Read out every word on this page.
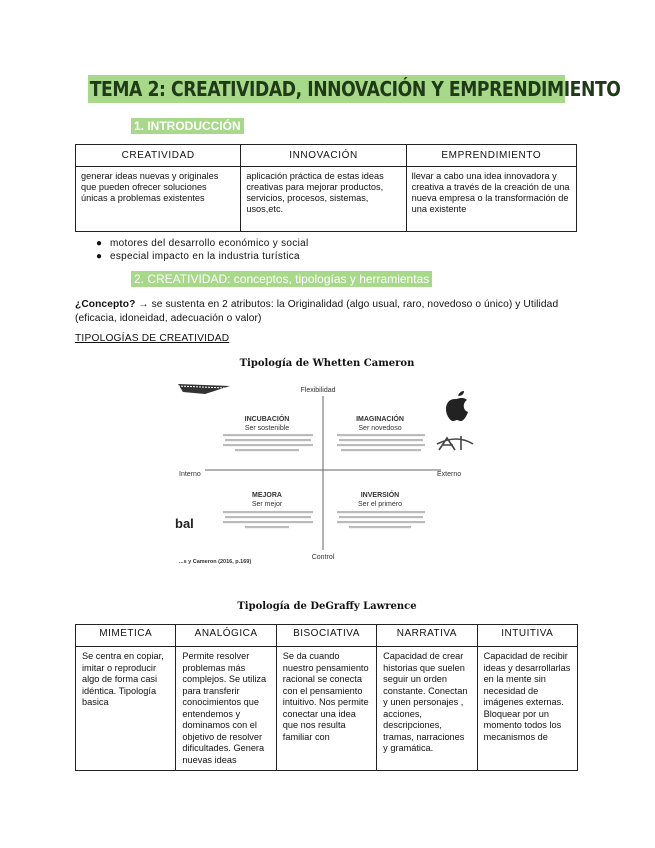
TEMA 2: CREATIVIDAD, INNOVACIÓN Y EMPRENDIMIENTO
1. INTRODUCCIÓN
CREATIVIDAD	INNOVACIÓN	EMPRENDIMIENTO
generar ideas nuevas y originales que pueden ofrecer soluciones únicas a problemas existentes	aplicación práctica de estas ideas creativas para mejorar productos, servicios, procesos, sistemas, usos,etc.	llevar a cabo una idea innovadora y creativa a través de la creación de una nueva empresa o la transformación de una existente
● motores del desarrollo económico y social
● especial impacto en la industria turística
2. CREATIVIDAD: conceptos, tipologías y herramientas
¿Concepto? → se sustenta en 2 atributos: la Originalidad (algo usual, raro, novedoso o único) y Utilidad (eficacia, idoneidad, adecuación o valor)
TIPOLOGÍAS DE CREATIVIDAD
Tipología de Whetten Cameron
Flexibilidad
Control
Interno	Externo
INCUBACIÓN
Ser sostenible
IMAGINACIÓN
Ser novedoso
MEJORA
Ser mejor
INVERSIÓN
Ser el primero
bal
...s y Cameron (2016, p.169)
Tipología de DeGraffy Lawrence
MIMETICA	ANALÓGICA	BISOCIATIVA	NARRATIVA	INTUITIVA
Se centra en copiar, imitar o reproducir algo de forma casi idéntica. Tipología basica	Permite resolver problemas más complejos. Se utiliza para transferir conocimientos que entendemos y dominamos con el objetivo de resolver dificultades. Genera nuevas ideas	Se da cuando nuestro pensamiento racional se conecta con el pensamiento intuitivo. Nos permite conectar una idea que nos resulta familiar con	Capacidad de crear historias que suelen seguir un orden constante. Conectan y unen personajes , acciones, descripciones, tramas, narraciones y gramática.	Capacidad de recibir ideas y desarrollarlas en la mente sin necesidad de imágenes externas. Bloquear por un momento todos los mecanismos de
